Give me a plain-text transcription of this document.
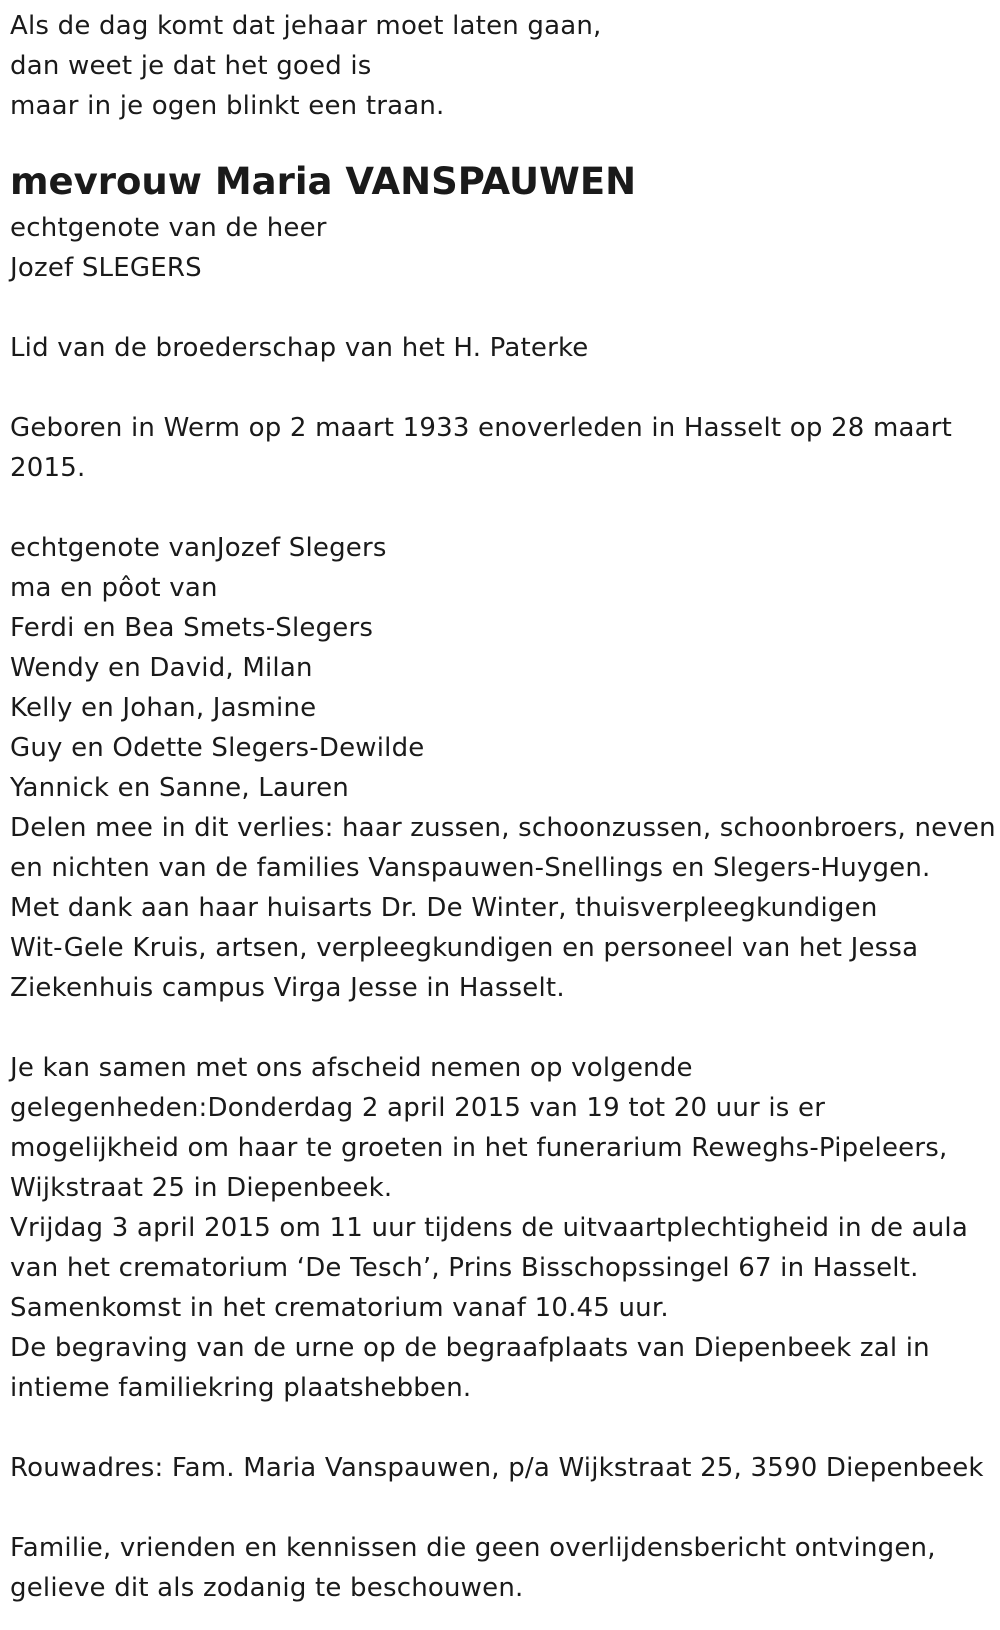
Als de dag komt dat jehaar moet laten gaan,
dan weet je dat het goed is
maar in je ogen blinkt een traan.
mevrouw Maria VANSPAUWEN
echtgenote van de heer
Jozef SLEGERS
Lid van de broederschap van het H. Paterke
Geboren in Werm op 2 maart 1933 enoverleden in Hasselt op 28 maart
2015.
echtgenote vanJozef Slegers
ma en pôot van
Ferdi en Bea Smets-Slegers
Wendy en David, Milan
Kelly en Johan, Jasmine
Guy en Odette Slegers-Dewilde
Yannick en Sanne, Lauren
Delen mee in dit verlies: haar zussen, schoonzussen, schoonbroers, neven
en nichten van de families Vanspauwen-Snellings en Slegers-Huygen.
Met dank aan haar huisarts Dr. De Winter, thuisverpleegkundigen
Wit-Gele Kruis, artsen, verpleegkundigen en personeel van het Jessa
Ziekenhuis campus Virga Jesse in Hasselt.
Je kan samen met ons afscheid nemen op volgende
gelegenheden:Donderdag 2 april 2015 van 19 tot 20 uur is er
mogelijkheid om haar te groeten in het funerarium Reweghs-Pipeleers,
Wijkstraat 25 in Diepenbeek.
Vrijdag 3 april 2015 om 11 uur tijdens de uitvaartplechtigheid in de aula
van het crematorium ‘De Tesch’, Prins Bisschopssingel 67 in Hasselt.
Samenkomst in het crematorium vanaf 10.45 uur.
De begraving van de urne op de begraafplaats van Diepenbeek zal in
intieme familiekring plaatshebben.
Rouwadres: Fam. Maria Vanspauwen, p/a Wijkstraat 25, 3590 Diepenbeek
Familie, vrienden en kennissen die geen overlijdensbericht ontvingen,
gelieve dit als zodanig te beschouwen.
